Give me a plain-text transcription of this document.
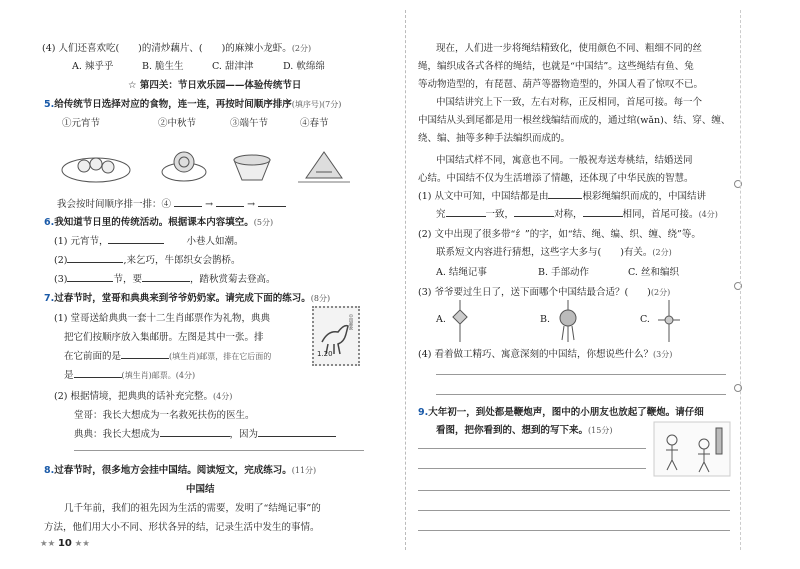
(4) 人们还喜欢吃(　　)的清炒藕片、(　　)的麻辣小龙虾。(2分)
A. 辣乎乎	B. 脆生生	C. 甜津津	D. 軟绵绵
☆ 第四关：节日欢乐园——体验传统节日
5.给传统节日选择对应的食物，连一连，再按时间顺序排序(填序号)(7分)
①元宵节	②中秋节	③端午节	④春节
我会按时间顺序排一排：④	→	→
6.我知道节日里的传统活动。根据课本内容填空。(5分)
(1) 元宵节，	小巷人如潮。
(2)	,来乞巧，牛郎织女会鹊桥。
(3)	节，要	，踏秋赏菊去登高。
7.过春节时，堂哥和典典来到爷爷奶奶家。请完成下面的练习。(8分)
(1) 堂哥送給典典一套十二生肖邮票作为礼物，典典
把它们按顺序放入集邮册。左图是其中一张。排
在它前面的是	(填生肖)邮票，排在它后面的
是	(填生肖)邮票。(4分)
1.20
中国邮政
(2) 根据情境，把典典的话补充完整。(4分)
堂哥：我长大想成为一名救死扶伤的医生。
典典：我长大想成为	，因为
8.过春节时，很多地方会挂中国结。阅读短文，完成练习。(11分)
中国结
几千年前，我们的祖先因为生活的需要，发明了“结绳记事”的
方法，他们用大小不同、形状各异的结，记录生活中发生的事情。
★★ 10 ★★
现在，人们进一步将绳结精致化，使用颜色不同、粗细不同的丝
绳，编织成各式各样的绳结，也就是“中国结”。这些绳结有鱼、兔
等动物造型的，有琵琶、葫芦等器物造型的，外国人看了惊叹不已。
中国结讲究上下一致，左右对称，正反相同，首尾可接。每一个
中国结从头到尾都是用一根丝线编结而成的，通过绾(wǎn)、结、穿、缠、
绕、编、抽等多种手法编织而成的。
中国结式样不同，寓意也不同。一般祝寿送寿桃结，结婚送同
心结。中国结不仅为生活增添了情趣，还体现了中华民族的智慧。
(1) 从文中可知，中国结都是由	根彩绳编织而成的，中国结讲
究	一致，	对称，	相同，首尾可接。(4分)
(2) 文中出现了很多带“纟”的字，如“结、绳、编、织、缠、绕”等。
联系短文内容进行猜想，这些字大多与(　　)有关。(2分)
A. 结绳记事	B. 手部动作	C. 丝和编织
(3) 爷爷要过生日了，送下面哪个中国结最合适？(　　)(2分)
A.	B.	C.
(4) 看着做工精巧、寓意深刻的中国结，你想说些什么？(3分)
9.大年初一，到处都是鞭炮声，图中的小朋友也放起了鞭炮。请仔细
看图，把你看到的、想到的写下来。(15分)
